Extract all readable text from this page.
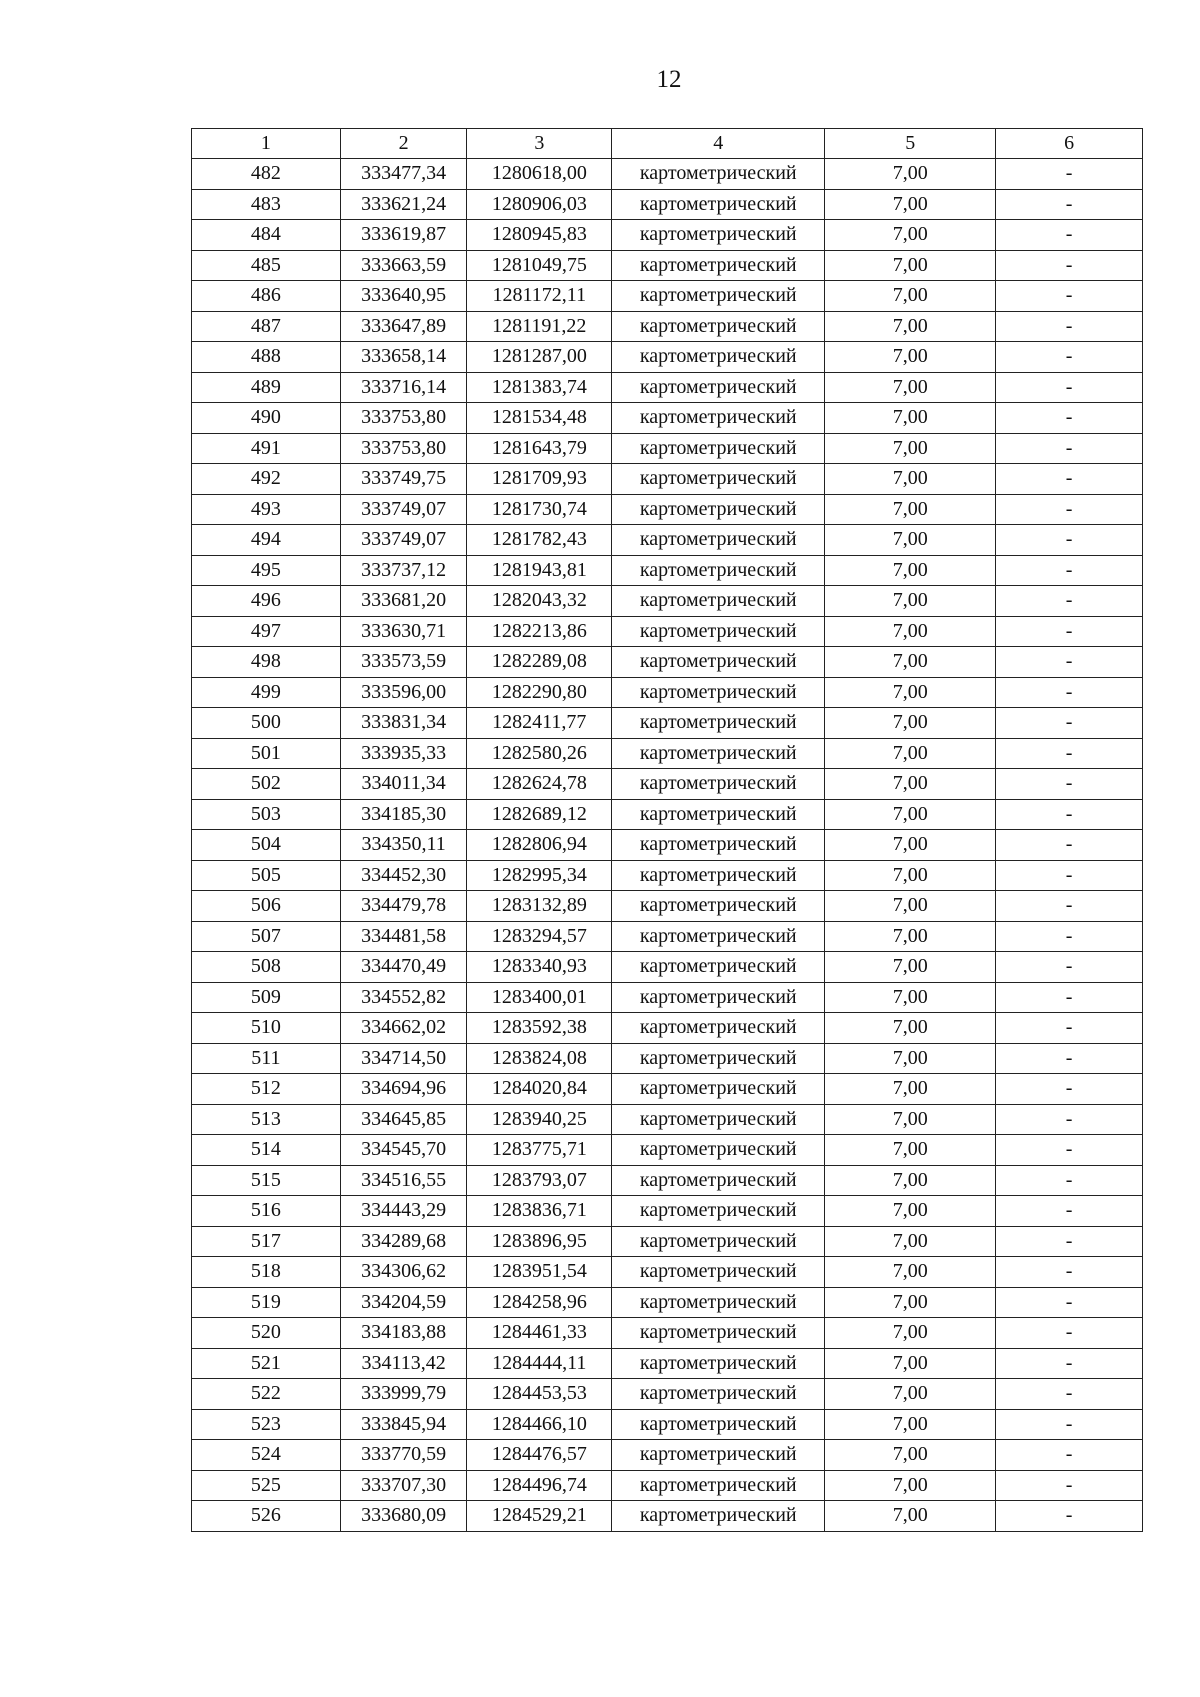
12
1	2	3	4	5	6
482	333477,34	1280618,00	картометрический	7,00	-
483	333621,24	1280906,03	картометрический	7,00	-
484	333619,87	1280945,83	картометрический	7,00	-
485	333663,59	1281049,75	картометрический	7,00	-
486	333640,95	1281172,11	картометрический	7,00	-
487	333647,89	1281191,22	картометрический	7,00	-
488	333658,14	1281287,00	картометрический	7,00	-
489	333716,14	1281383,74	картометрический	7,00	-
490	333753,80	1281534,48	картометрический	7,00	-
491	333753,80	1281643,79	картометрический	7,00	-
492	333749,75	1281709,93	картометрический	7,00	-
493	333749,07	1281730,74	картометрический	7,00	-
494	333749,07	1281782,43	картометрический	7,00	-
495	333737,12	1281943,81	картометрический	7,00	-
496	333681,20	1282043,32	картометрический	7,00	-
497	333630,71	1282213,86	картометрический	7,00	-
498	333573,59	1282289,08	картометрический	7,00	-
499	333596,00	1282290,80	картометрический	7,00	-
500	333831,34	1282411,77	картометрический	7,00	-
501	333935,33	1282580,26	картометрический	7,00	-
502	334011,34	1282624,78	картометрический	7,00	-
503	334185,30	1282689,12	картометрический	7,00	-
504	334350,11	1282806,94	картометрический	7,00	-
505	334452,30	1282995,34	картометрический	7,00	-
506	334479,78	1283132,89	картометрический	7,00	-
507	334481,58	1283294,57	картометрический	7,00	-
508	334470,49	1283340,93	картометрический	7,00	-
509	334552,82	1283400,01	картометрический	7,00	-
510	334662,02	1283592,38	картометрический	7,00	-
511	334714,50	1283824,08	картометрический	7,00	-
512	334694,96	1284020,84	картометрический	7,00	-
513	334645,85	1283940,25	картометрический	7,00	-
514	334545,70	1283775,71	картометрический	7,00	-
515	334516,55	1283793,07	картометрический	7,00	-
516	334443,29	1283836,71	картометрический	7,00	-
517	334289,68	1283896,95	картометрический	7,00	-
518	334306,62	1283951,54	картометрический	7,00	-
519	334204,59	1284258,96	картометрический	7,00	-
520	334183,88	1284461,33	картометрический	7,00	-
521	334113,42	1284444,11	картометрический	7,00	-
522	333999,79	1284453,53	картометрический	7,00	-
523	333845,94	1284466,10	картометрический	7,00	-
524	333770,59	1284476,57	картометрический	7,00	-
525	333707,30	1284496,74	картометрический	7,00	-
526	333680,09	1284529,21	картометрический	7,00	-
